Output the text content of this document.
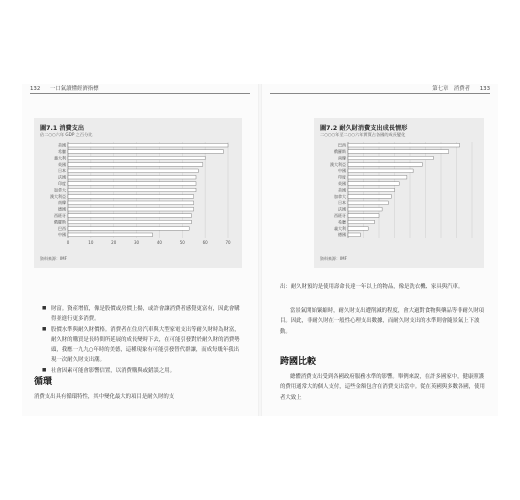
132 一口氣讀懂經濟指標
圖7.1 消費支出
佔二○○六年 GDP 之百分比
0	10	20	30	40	50	60	70
美國
希臘
義大利
英國
日本
法國
印度
加拿大
澳大利亞
南韓
德國
西班牙
俄羅斯
巴西
中國
資料來源：IMF
■ 財富。資產增值，像是股價或房價上揚，或許會讓消費者感覺更富有，因此會購得並進行更多消費。
■ 股價水準與耐久財價格。消費者在住房汽車與大型家電支出等耐久財時為財富，耐久財的購買是長時間所延展的成長變時下去，在可能引發對於耐久財的消費勢頭，我應一九九○年時的美德，這種現象有可能引發替代群讓，而成每幾年我出現一次耐久財支出潮。
■ 社會因素可能會影響信置，以消費購與或錯誤之用。
循環
消費支出具有循環特性，其中變化最大的項目是耐久財的支
第七章　消費者 133
圖7.2 耐久財消費支出成長情形
二○○○年至二○○六年實質占各國的成長變化
巴西
俄羅斯
南韓
澳大利亞
中國
印度
英國
美國
加拿大
日本
法國
西班牙
希臘
義大利
德國
資料來源：IMF
出：耐久財預約是使用壽命長達一年以上的物品，像是洗衣機、家具與汽車。
當景氣開始緊縮時，耐久財支出遭削減的程度，會大過對食物與藥品等非耐久財項目。因此，非耐久財在一般性心理支出數據，而耐久財支出的水準則會隨景氣上下波動。
跨國比較
總體消費支出受到各國政府服務水準的影響。舉例來說，在許多國家中，健康照護的費用通常大的個人支付，這些金額包含在消費支出當中。從在英國與多數各國，使用者大致上
